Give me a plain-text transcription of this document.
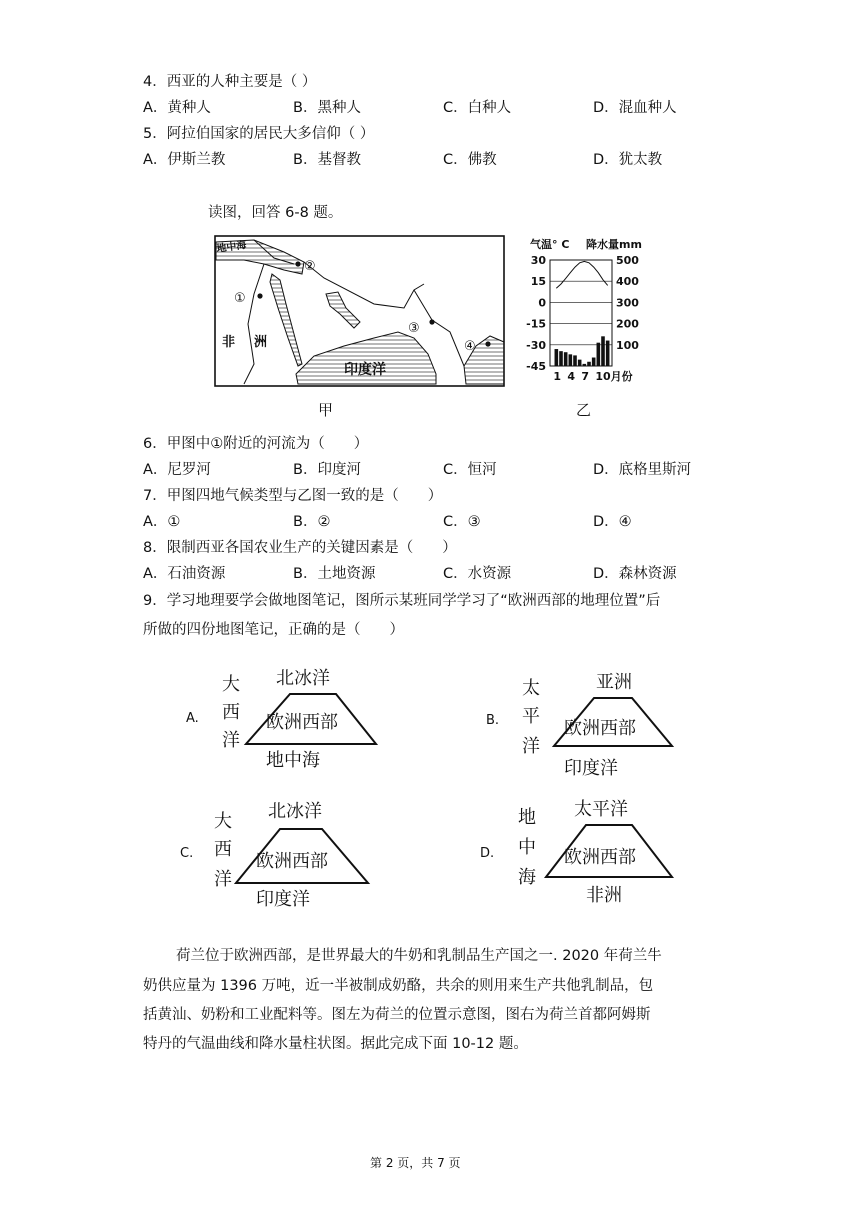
4．西亚的人种主要是（ ）
A．黄种人	B．黑种人	C．白种人	D．混血种人
5．阿拉伯国家的居民大多信仰（ ）
A．伊斯兰教	B．基督教	C．佛教	D．犹太教
读图，回答 6-8 题。
地中海
②
①
③
④
非 洲
印度洋
甲
气温° C 降水量mm
30
15
0
-15
-30
-45
500
400
300
200
100
1 4 7 10月份
乙
6．甲图中①附近的河流为（　　）
A．尼罗河	B．印度河	C．恒河	D．底格里斯河
7．甲图四地气候类型与乙图一致的是（　　）
A．①	B．②	C．③	D．④
8．限制西亚各国农业生产的关键因素是（　　）
A．石油资源	B．土地资源	C．水资源	D．森林资源
9．学习地理要学会做地图笔记，图所示某班同学学习了“欧洲西部的地理位置”后
所做的四份地图笔记，正确的是（　　）
A.
大
西
洋
北冰洋
欧洲西部
地中海
B.
太
平
洋
亚洲
欧洲西部
印度洋
C.
大
西
洋
北冰洋
欧洲西部
印度洋
D.
地
中
海
太平洋
欧洲西部
非洲
荷兰位于欧洲西部，是世界最大的牛奶和乳制品生产国之一. 2020 年荷兰牛
奶供应量为 1396 万吨，近一半被制成奶酪，共余的则用来生产共他乳制品，包
括黄汕、奶粉和工业配料等。图左为荷兰的位置示意图，图右为荷兰首都阿姆斯
特丹的气温曲线和降水量柱状图。据此完成下面 10-12 题。
第 2 页，共 7 页
